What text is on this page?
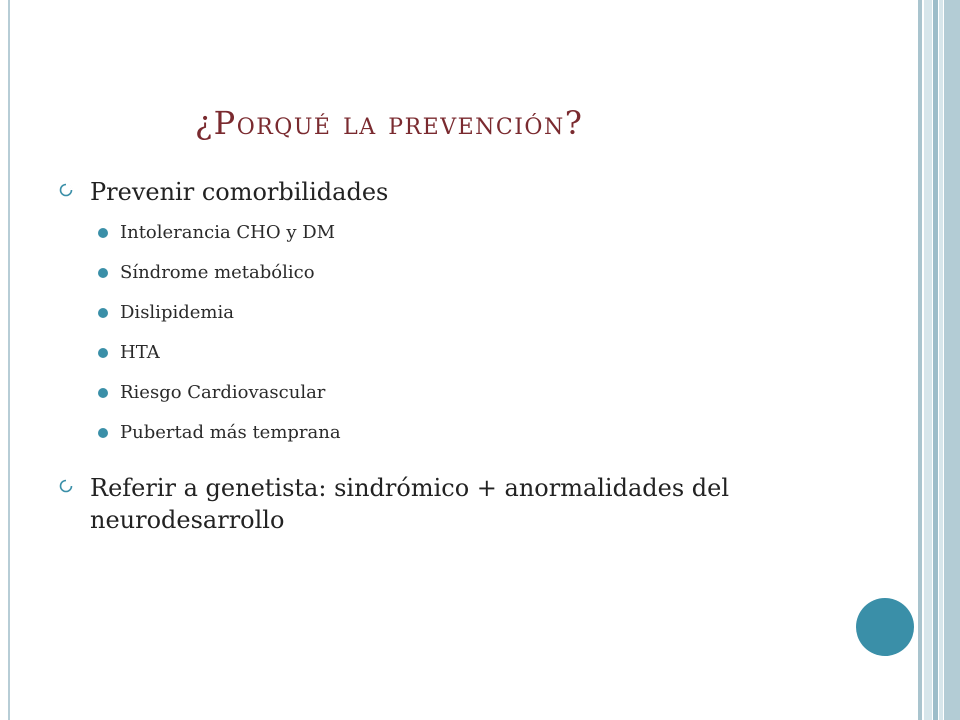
¿Porqué la prevención?
Prevenir comorbilidades
Intolerancia CHO y DM
Síndrome metabólico
Dislipidemia
HTA
Riesgo Cardiovascular
Pubertad más temprana
Referir a genetista: sindrómico + anormalidades del neurodesarrollo
